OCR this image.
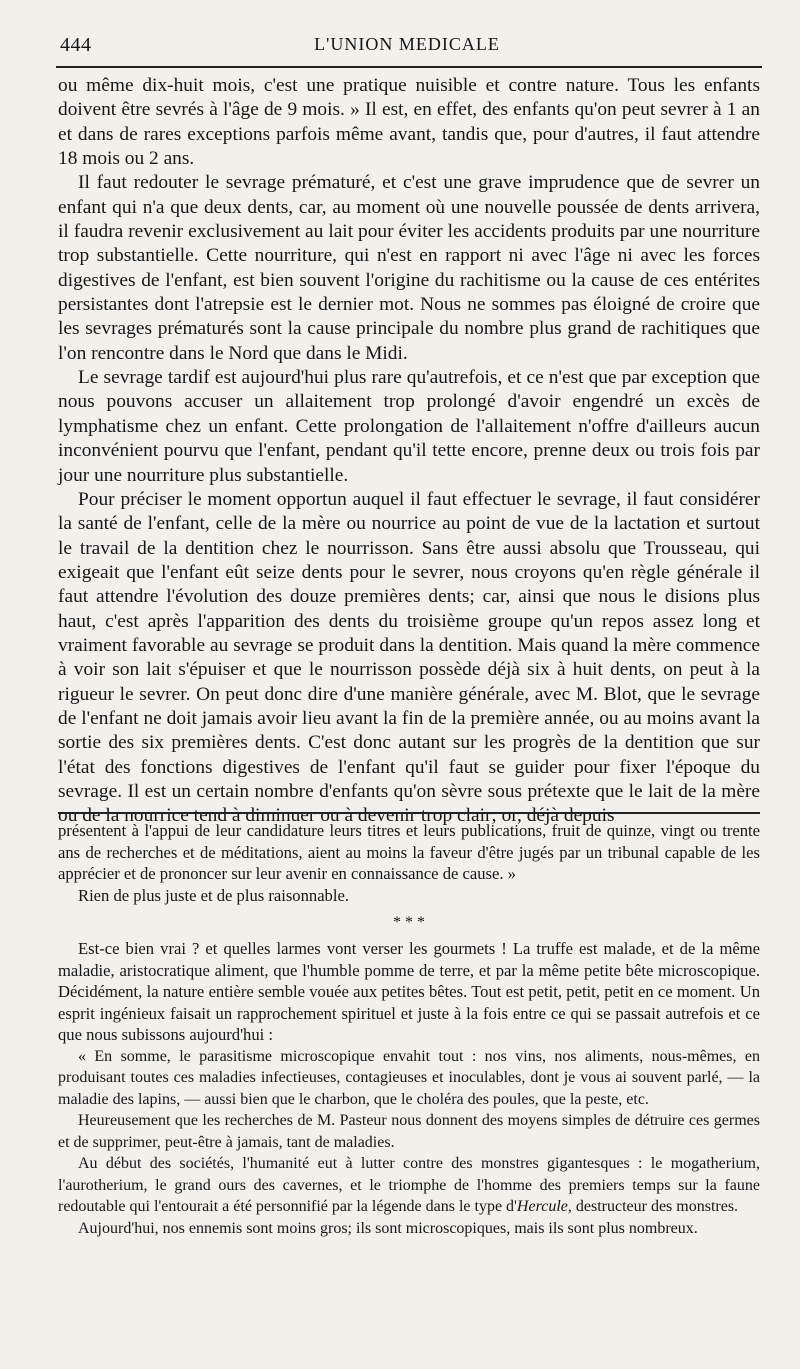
444	L'UNION MEDICALE

ou même dix-huit mois, c'est une pratique nuisible et contre nature. Tous les enfants doivent être sevrés à l'âge de 9 mois. » Il est, en effet, des enfants qu'on peut sevrer à 1 an et dans de rares exceptions parfois même avant, tandis que, pour d'autres, il faut attendre 18 mois ou 2 ans.

Il faut redouter le sevrage prématuré, et c'est une grave imprudence que de sevrer un enfant qui n'a que deux dents, car, au moment où une nouvelle poussée de dents arrivera, il faudra revenir exclusivement au lait pour éviter les accidents produits par une nourriture trop substantielle. Cette nourriture, qui n'est en rapport ni avec l'âge ni avec les forces digestives de l'enfant, est bien souvent l'origine du rachitisme ou la cause de ces entérites persistantes dont l'atrepsie est le dernier mot. Nous ne sommes pas éloigné de croire que les sevrages prématurés sont la cause principale du nombre plus grand de rachitiques que l'on rencontre dans le Nord que dans le Midi.

Le sevrage tardif est aujourd'hui plus rare qu'autrefois, et ce n'est que par exception que nous pouvons accuser un allaitement trop prolongé d'avoir engendré un excès de lymphatisme chez un enfant. Cette prolongation de l'allaitement n'offre d'ailleurs aucun inconvénient pourvu que l'enfant, pendant qu'il tette encore, prenne deux ou trois fois par jour une nourriture plus substantielle.

Pour préciser le moment opportun auquel il faut effectuer le sevrage, il faut considérer la santé de l'enfant, celle de la mère ou nourrice au point de vue de la lactation et surtout le travail de la dentition chez le nourrisson. Sans être aussi absolu que Trousseau, qui exigeait que l'enfant eût seize dents pour le sevrer, nous croyons qu'en règle générale il faut attendre l'évolution des douze premières dents; car, ainsi que nous le disions plus haut, c'est après l'apparition des dents du troisième groupe qu'un repos assez long et vraiment favorable au sevrage se produit dans la dentition. Mais quand la mère commence à voir son lait s'épuiser et que le nourrisson possède déjà six à huit dents, on peut à la rigueur le sevrer. On peut donc dire d'une manière générale, avec M. Blot, que le sevrage de l'enfant ne doit jamais avoir lieu avant la fin de la première année, ou au moins avant la sortie des six premières dents. C'est donc autant sur les progrès de la dentition que sur l'état des fonctions digestives de l'enfant qu'il faut se guider pour fixer l'époque du sevrage. Il est un certain nombre d'enfants qu'on sèvre sous prétexte que le lait de la mère ou de la nourrice tend à diminuer ou à devenir trop clair; or, déjà depuis

présentent à l'appui de leur candidature leurs titres et leurs publications, fruit de quinze, vingt ou trente ans de recherches et de méditations, aient au moins la faveur d'être jugés par un tribunal capable de les apprécier et de prononcer sur leur avenir en connaissance de cause. »

Rien de plus juste et de plus raisonnable.

* * *

Est-ce bien vrai ? et quelles larmes vont verser les gourmets ! La truffe est malade, et de la même maladie, aristocratique aliment, que l'humble pomme de terre, et par la même petite bête microscopique. Décidément, la nature entière semble vouée aux petites bêtes. Tout est petit, petit, petit en ce moment. Un esprit ingénieux faisait un rapprochement spirituel et juste à la fois entre ce qui se passait autrefois et ce que nous subissons aujourd'hui :

« En somme, le parasitisme microscopique envahit tout : nos vins, nos aliments, nous-mêmes, en produisant toutes ces maladies infectieuses, contagieuses et inoculables, dont je vous ai souvent parlé, — la maladie des lapins, — aussi bien que le charbon, que le choléra des poules, que la peste, etc.

Heureusement que les recherches de M. Pasteur nous donnent des moyens simples de détruire ces germes et de supprimer, peut-être à jamais, tant de maladies.

Au début des sociétés, l'humanité eut à lutter contre des monstres gigantesques : le mogatherium, l'aurotherium, le grand ours des cavernes, et le triomphe de l'homme des premiers temps sur la faune redoutable qui l'entourait a été personnifié par la légende dans le type d'Hercule, destructeur des monstres.

Aujourd'hui, nos ennemis sont moins gros; ils sont microscopiques, mais ils sont plus nombreux.
